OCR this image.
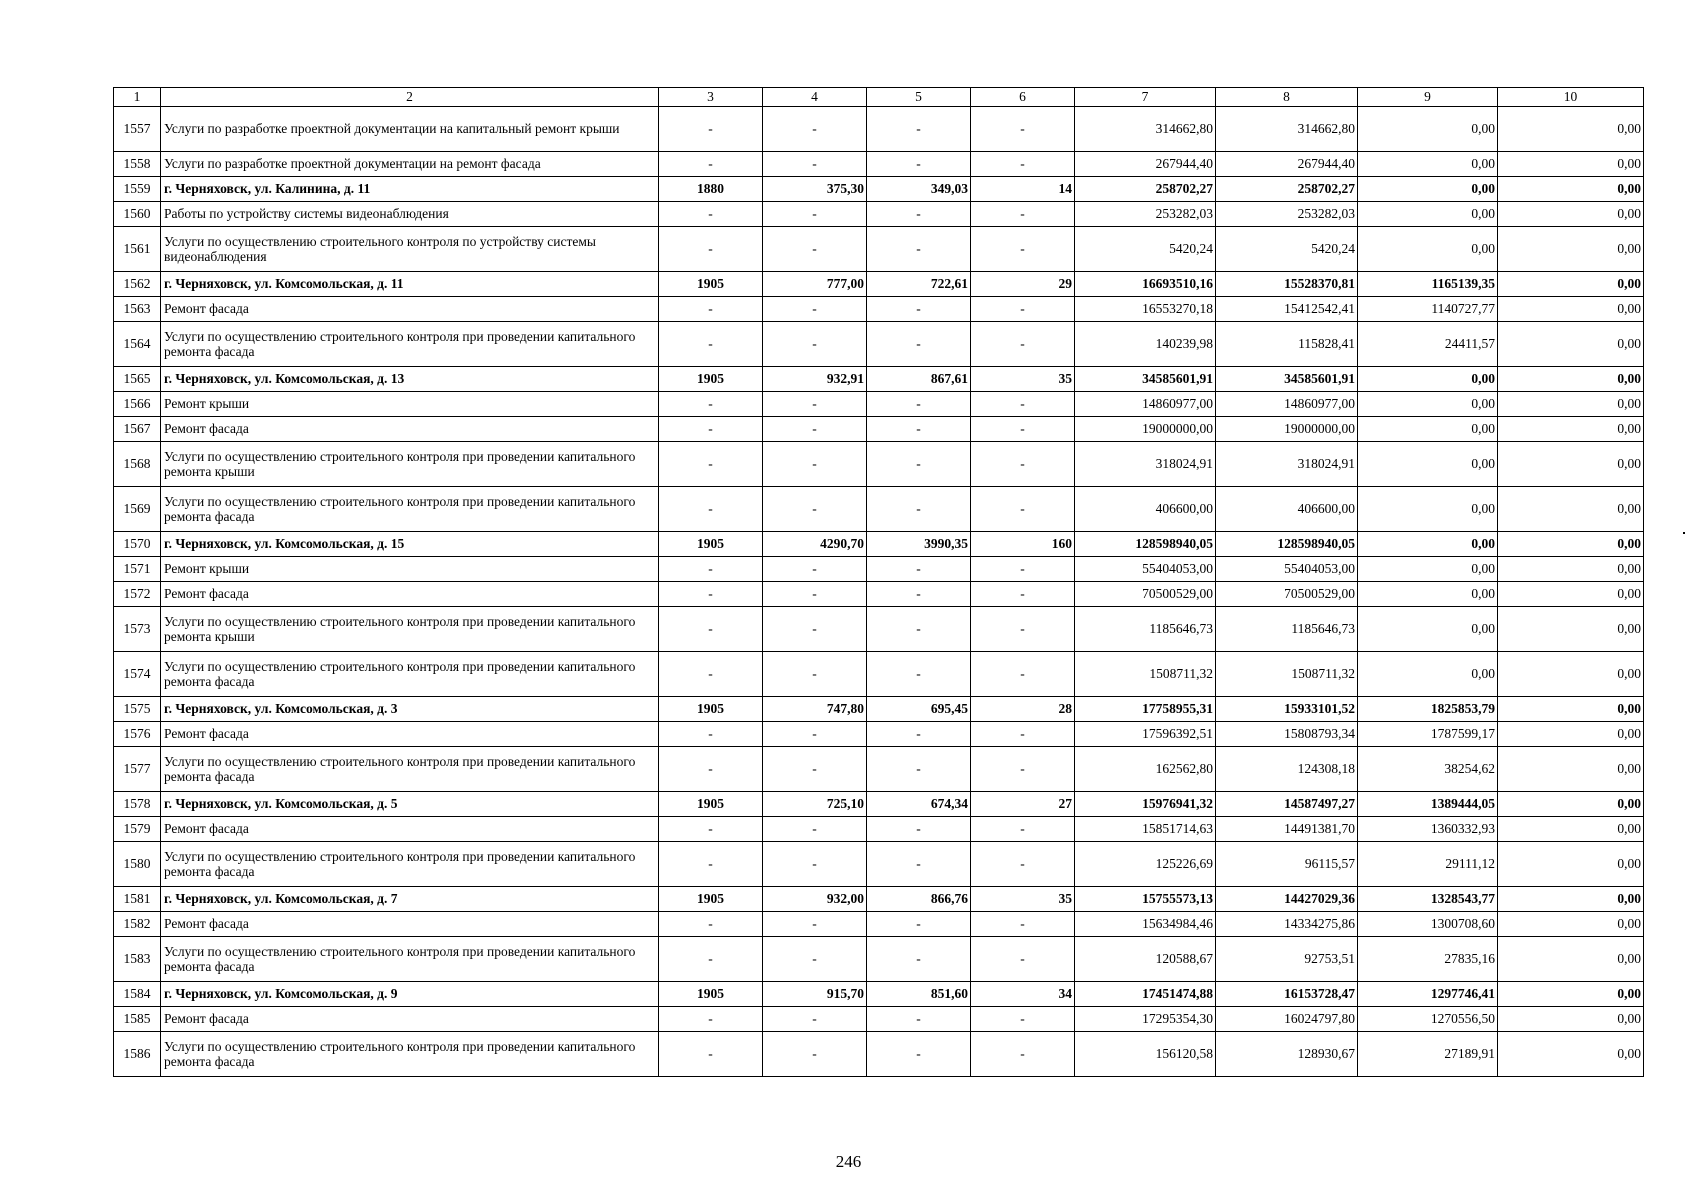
1	2	3	4	5	6	7	8	9	10
1557	Услуги по разработке проектной документации на капитальный ремонт крыши	-	-	-	-	314662,80	314662,80	0,00	0,00
1558	Услуги по разработке проектной документации на ремонт фасада	-	-	-	-	267944,40	267944,40	0,00	0,00
1559	г. Черняховск, ул. Калинина, д. 11	1880	375,30	349,03	14	258702,27	258702,27	0,00	0,00
1560	Работы по устройству системы видеонаблюдения	-	-	-	-	253282,03	253282,03	0,00	0,00
1561	Услуги по осуществлению строительного контроля по устройству системы видеонаблюдения	-	-	-	-	5420,24	5420,24	0,00	0,00
1562	г. Черняховск, ул. Комсомольская, д. 11	1905	777,00	722,61	29	16693510,16	15528370,81	1165139,35	0,00
1563	Ремонт фасада	-	-	-	-	16553270,18	15412542,41	1140727,77	0,00
1564	Услуги по осуществлению строительного контроля при проведении капитального ремонта фасада	-	-	-	-	140239,98	115828,41	24411,57	0,00
1565	г. Черняховск, ул. Комсомольская, д. 13	1905	932,91	867,61	35	34585601,91	34585601,91	0,00	0,00
1566	Ремонт крыши	-	-	-	-	14860977,00	14860977,00	0,00	0,00
1567	Ремонт фасада	-	-	-	-	19000000,00	19000000,00	0,00	0,00
1568	Услуги по осуществлению строительного контроля при проведении капитального ремонта крыши	-	-	-	-	318024,91	318024,91	0,00	0,00
1569	Услуги по осуществлению строительного контроля при проведении капитального ремонта фасада	-	-	-	-	406600,00	406600,00	0,00	0,00
1570	г. Черняховск, ул. Комсомольская, д. 15	1905	4290,70	3990,35	160	128598940,05	128598940,05	0,00	0,00
1571	Ремонт крыши	-	-	-	-	55404053,00	55404053,00	0,00	0,00
1572	Ремонт фасада	-	-	-	-	70500529,00	70500529,00	0,00	0,00
1573	Услуги по осуществлению строительного контроля при проведении капитального ремонта крыши	-	-	-	-	1185646,73	1185646,73	0,00	0,00
1574	Услуги по осуществлению строительного контроля при проведении капитального ремонта фасада	-	-	-	-	1508711,32	1508711,32	0,00	0,00
1575	г. Черняховск, ул. Комсомольская, д. 3	1905	747,80	695,45	28	17758955,31	15933101,52	1825853,79	0,00
1576	Ремонт фасада	-	-	-	-	17596392,51	15808793,34	1787599,17	0,00
1577	Услуги по осуществлению строительного контроля при проведении капитального ремонта фасада	-	-	-	-	162562,80	124308,18	38254,62	0,00
1578	г. Черняховск, ул. Комсомольская, д. 5	1905	725,10	674,34	27	15976941,32	14587497,27	1389444,05	0,00
1579	Ремонт фасада	-	-	-	-	15851714,63	14491381,70	1360332,93	0,00
1580	Услуги по осуществлению строительного контроля при проведении капитального ремонта фасада	-	-	-	-	125226,69	96115,57	29111,12	0,00
1581	г. Черняховск, ул. Комсомольская, д. 7	1905	932,00	866,76	35	15755573,13	14427029,36	1328543,77	0,00
1582	Ремонт фасада	-	-	-	-	15634984,46	14334275,86	1300708,60	0,00
1583	Услуги по осуществлению строительного контроля при проведении капитального ремонта фасада	-	-	-	-	120588,67	92753,51	27835,16	0,00
1584	г. Черняховск, ул. Комсомольская, д. 9	1905	915,70	851,60	34	17451474,88	16153728,47	1297746,41	0,00
1585	Ремонт фасада	-	-	-	-	17295354,30	16024797,80	1270556,50	0,00
1586	Услуги по осуществлению строительного контроля при проведении капитального ремонта фасада	-	-	-	-	156120,58	128930,67	27189,91	0,00
246
